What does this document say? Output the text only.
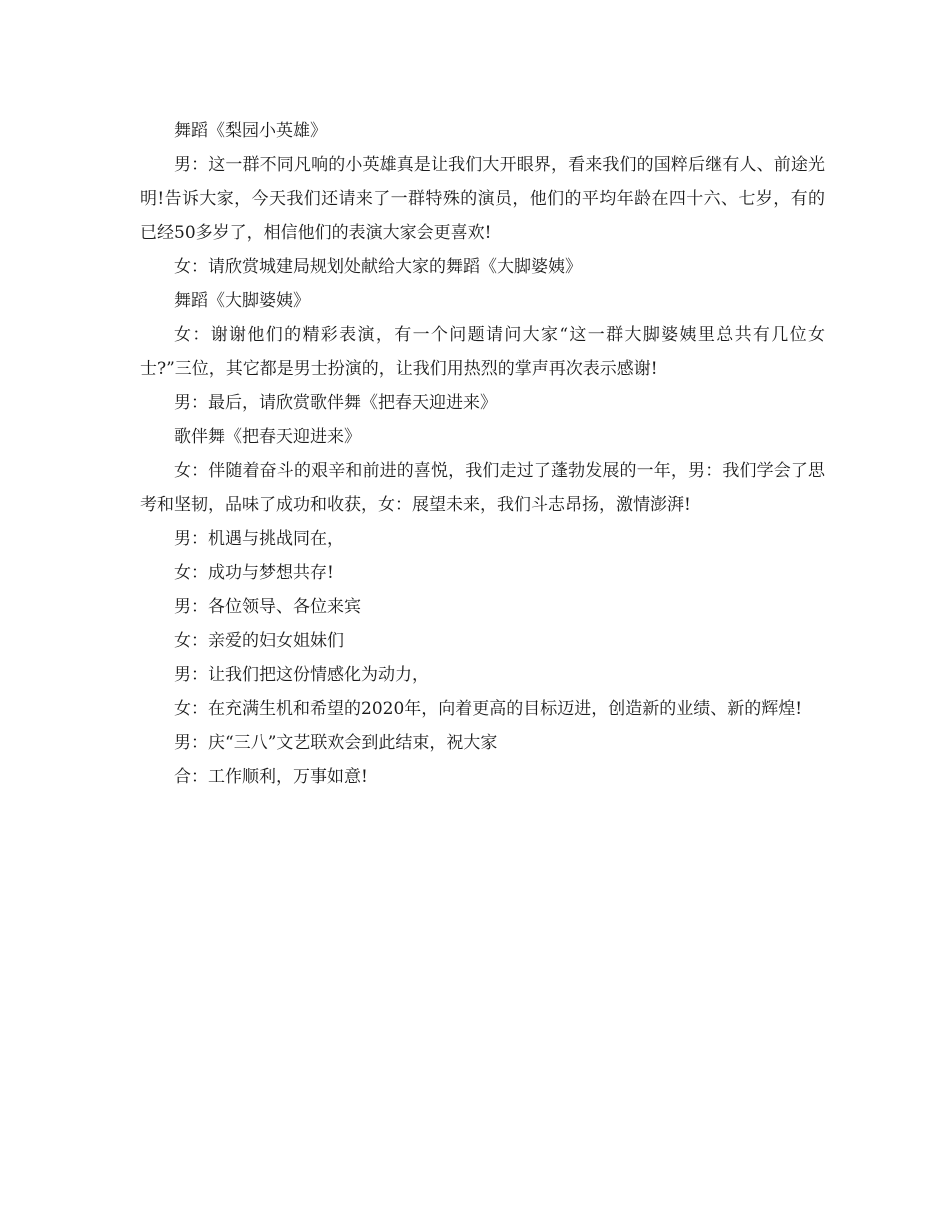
舞蹈《梨园小英雄》

男：这一群不同凡响的小英雄真是让我们大开眼界，看来我们的国粹后继有人、前途光明!告诉大家，今天我们还请来了一群特殊的演员，他们的平均年龄在四十六、七岁，有的已经50多岁了，相信他们的表演大家会更喜欢!

女：请欣赏城建局规划处献给大家的舞蹈《大脚婆姨》

舞蹈《大脚婆姨》

女：谢谢他们的精彩表演，有一个问题请问大家“这一群大脚婆姨里总共有几位女士?”三位，其它都是男士扮演的，让我们用热烈的掌声再次表示感谢!

男：最后，请欣赏歌伴舞《把春天迎进来》

歌伴舞《把春天迎进来》

女：伴随着奋斗的艰辛和前进的喜悦，我们走过了蓬勃发展的一年，男：我们学会了思考和坚韧，品味了成功和收获，女：展望未来，我们斗志昂扬，激情澎湃!

男：机遇与挑战同在，

女：成功与梦想共存!

男：各位领导、各位来宾

女：亲爱的妇女姐妹们

男：让我们把这份情感化为动力，

女：在充满生机和希望的2020年，向着更高的目标迈进，创造新的业绩、新的辉煌!

男：庆“三八”文艺联欢会到此结束，祝大家

合：工作顺利，万事如意!
